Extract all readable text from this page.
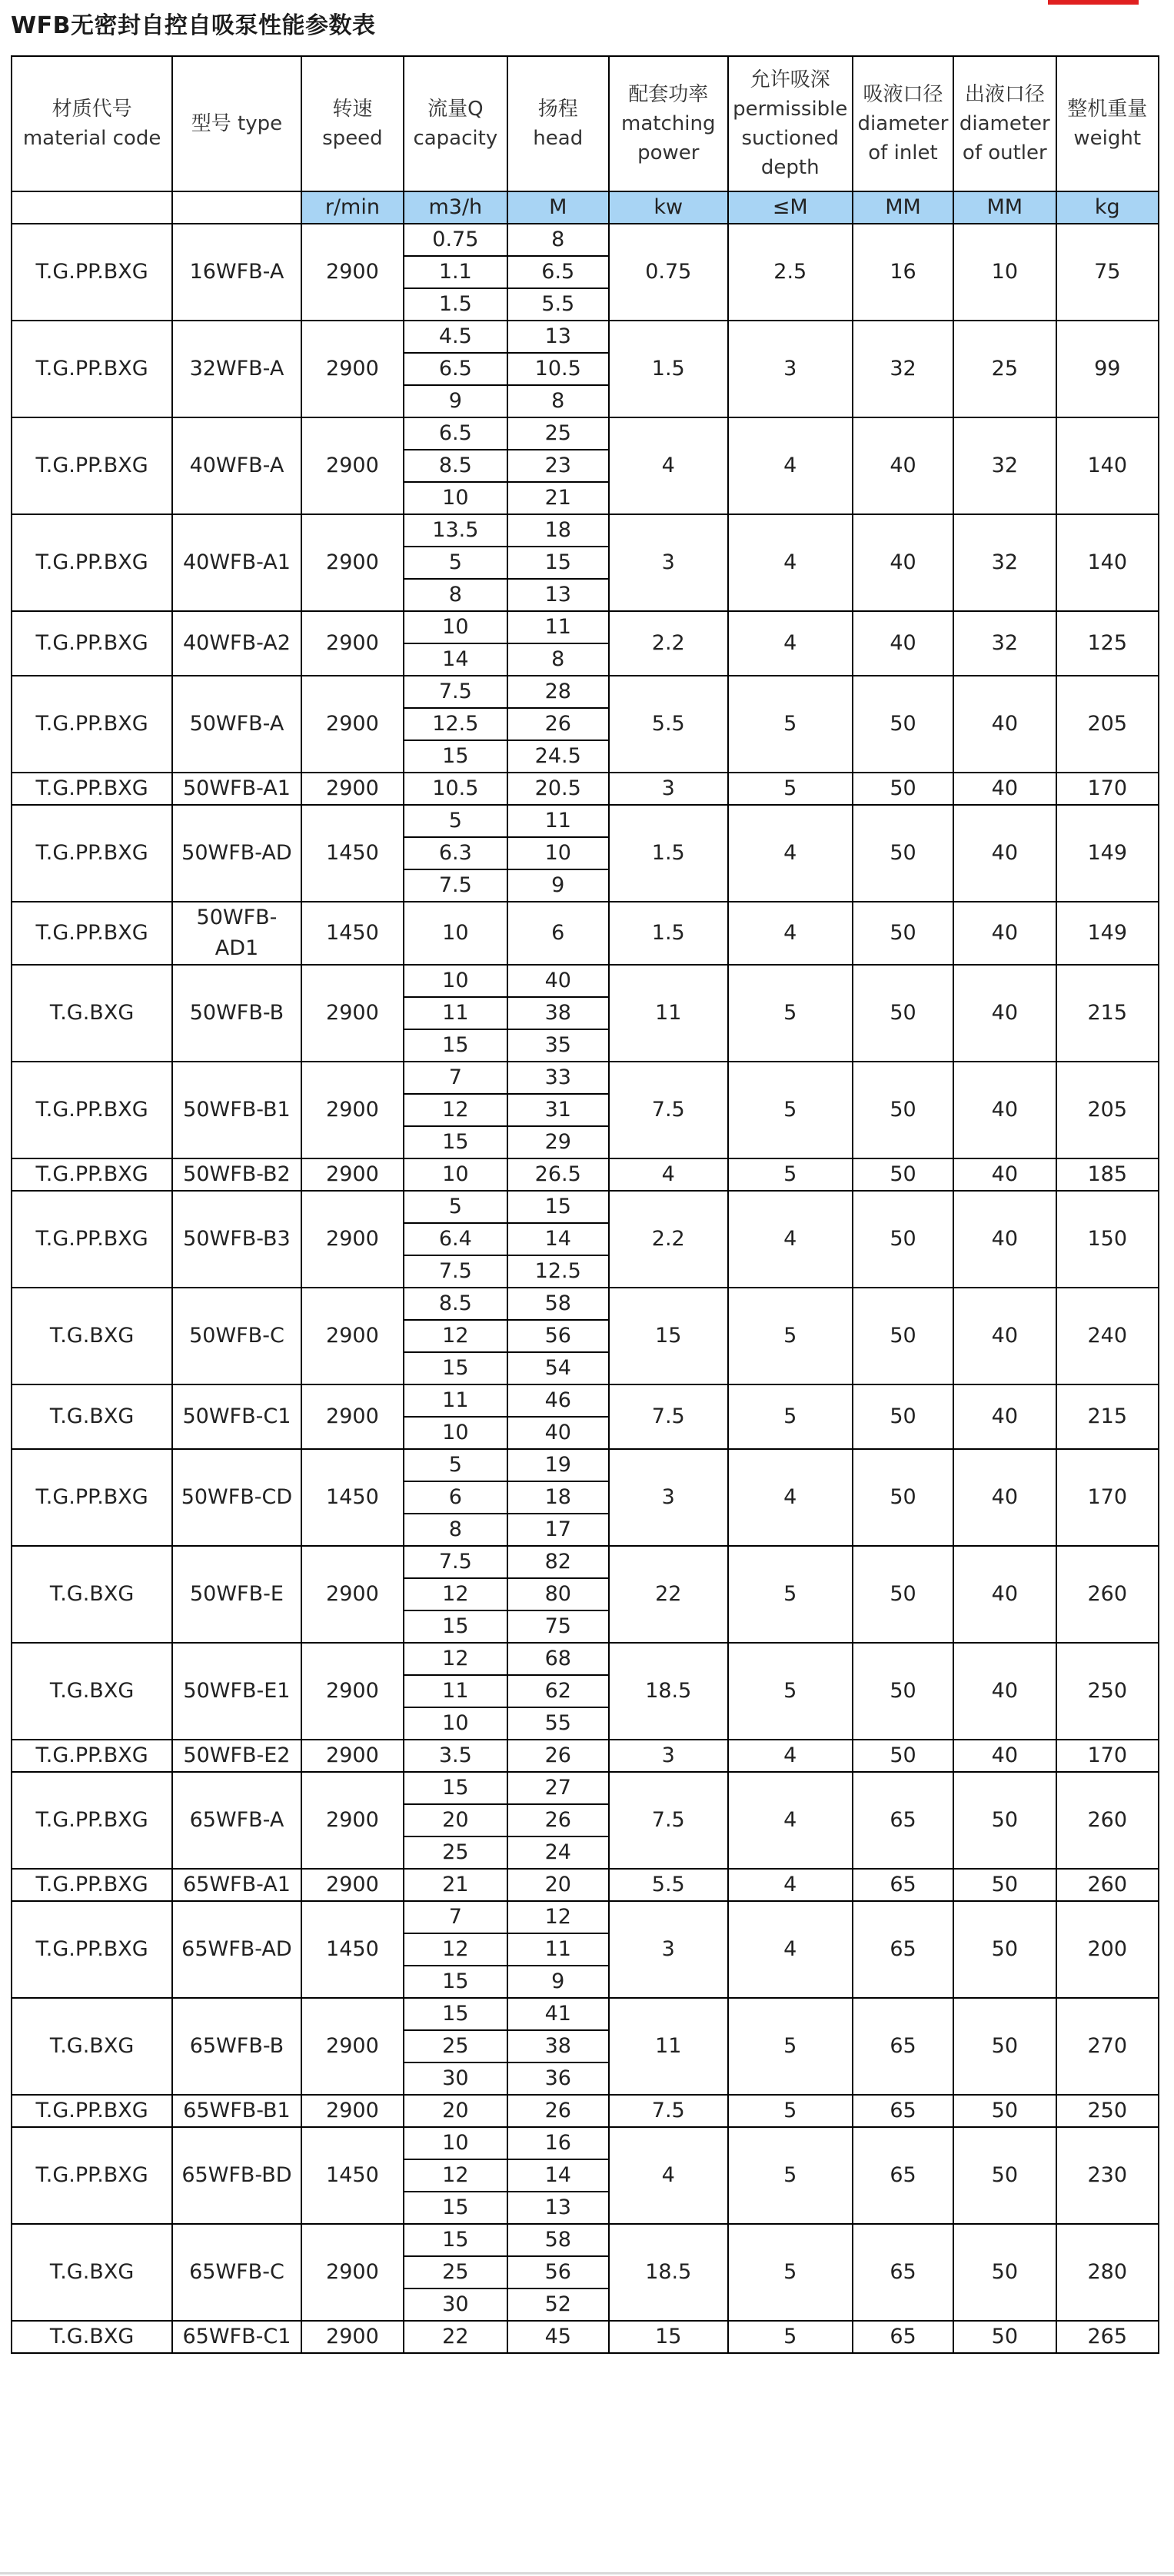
WFB无密封自控自吸泵性能参数表
材质代号 material code	型号 type	转速 speed	流量Q capacity	扬程 head	配套功率 matching power	允许吸深 permissible suctioned depth	吸液口径 diameter of inlet	出液口径 diameter of outler	整机重量 weight
		r/min	m3/h	M	kw	≤M	MM	MM	kg
T.G.PP.BXG	16WFB-A	2900	0.75	8	0.75	2.5	16	10	75
			1.1	6.5					
			1.5	5.5					
T.G.PP.BXG	32WFB-A	2900	4.5	13	1.5	3	32	25	99
			6.5	10.5					
			9	8					
T.G.PP.BXG	40WFB-A	2900	6.5	25	4	4	40	32	140
			8.5	23					
			10	21					
T.G.PP.BXG	40WFB-A1	2900	13.5	18	3	4	40	32	140
			5	15					
			8	13					
T.G.PP.BXG	40WFB-A2	2900	10	11	2.2	4	40	32	125
			14	8					
T.G.PP.BXG	50WFB-A	2900	7.5	28	5.5	5	50	40	205
			12.5	26					
			15	24.5					
T.G.PP.BXG	50WFB-A1	2900	10.5	20.5	3	5	50	40	170
T.G.PP.BXG	50WFB-AD	1450	5	11	1.5	4	50	40	149
			6.3	10					
			7.5	9					
T.G.PP.BXG	50WFB-AD1	1450	10	6	1.5	4	50	40	149
T.G.BXG	50WFB-B	2900	10	40	11	5	50	40	215
			11	38					
			15	35					
T.G.PP.BXG	50WFB-B1	2900	7	33	7.5	5	50	40	205
			12	31					
			15	29					
T.G.PP.BXG	50WFB-B2	2900	10	26.5	4	5	50	40	185
T.G.PP.BXG	50WFB-B3	2900	5	15	2.2	4	50	40	150
			6.4	14					
			7.5	12.5					
T.G.BXG	50WFB-C	2900	8.5	58	15	5	50	40	240
			12	56					
			15	54					
T.G.BXG	50WFB-C1	2900	11	46	7.5	5	50	40	215
			10	40					
T.G.PP.BXG	50WFB-CD	1450	5	19	3	4	50	40	170
			6	18					
			8	17					
T.G.BXG	50WFB-E	2900	7.5	82	22	5	50	40	260
			12	80					
			15	75					
T.G.BXG	50WFB-E1	2900	12	68	18.5	5	50	40	250
			11	62					
			10	55					
T.G.PP.BXG	50WFB-E2	2900	3.5	26	3	4	50	40	170
T.G.PP.BXG	65WFB-A	2900	15	27	7.5	4	65	50	260
			20	26					
			25	24					
T.G.PP.BXG	65WFB-A1	2900	21	20	5.5	4	65	50	260
T.G.PP.BXG	65WFB-AD	1450	7	12	3	4	65	50	200
			12	11					
			15	9					
T.G.BXG	65WFB-B	2900	15	41	11	5	65	50	270
			25	38					
			30	36					
T.G.PP.BXG	65WFB-B1	2900	20	26	7.5	5	65	50	250
T.G.PP.BXG	65WFB-BD	1450	10	16	4	5	65	50	230
			12	14					
			15	13					
T.G.BXG	65WFB-C	2900	15	58	18.5	5	65	50	280
			25	56					
			30	52					
T.G.BXG	65WFB-C1	2900	22	45	15	5	65	50	265
